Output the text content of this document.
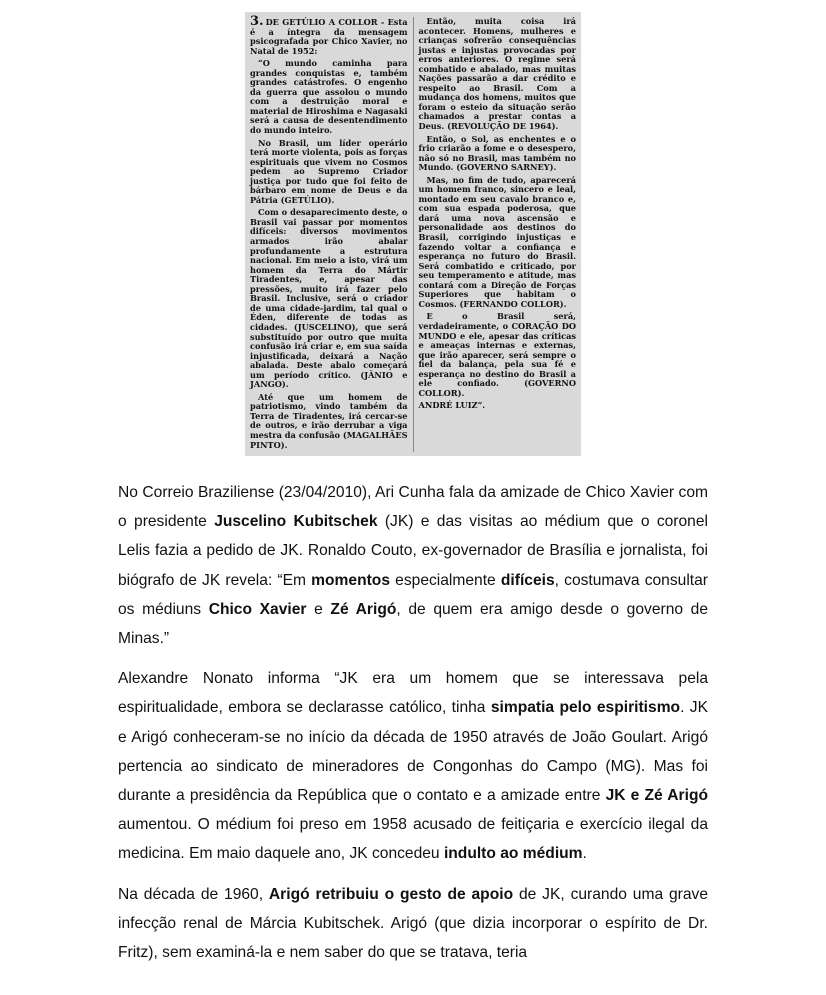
3. DE GETÚLIO A COLLOR - Esta é a íntegra da mensagem psicografada por Chico Xavier, no Natal de 1952:

“O mundo caminha para grandes conquistas e, também grandes catástrofes. O engenho da guerra que assolou o mundo com a destruição moral e material de Hiroshima e Nagasaki será a causa de desentendimento do mundo inteiro.

No Brasil, um líder operário terá morte violenta, pois as forças espirituais que vivem no Cosmos pedem ao Supremo Criador justiça por tudo que foi feito de bárbaro em nome de Deus e da Pátria (GETÚLIO).

Com o desaparecimento deste, o Brasil vai passar por momentos difíceis: diversos movimentos armados irão abalar profundamente a estrutura nacional. Em meio a isto, virá um homem da Terra do Mártir Tiradentes, e, apesar das pressões, muito irá fazer pelo Brasil. Inclusive, será o criador de uma cidade-jardim, tal qual o Éden, diferente de todas as cidades. (JUSCELINO), que será substituído por outro que muita confusão irá criar e, em sua saída injustificada, deixará a Nação abalada. Deste abalo começará um período crítico. (JÂNIO e JANGO).

Até que um homem de patriotismo, vindo também da Terra de Tiradentes, irá cercar-se de outros, e irão derrubar a viga mestra da confusão (MAGALHÃES PINTO).

Então, muita coisa irá acontecer. Homens, mulheres e crianças sofrerão consequências justas e injustas provocadas por erros anteriores. O regime será combatido e abalado, mas muitas Nações passarão a dar crédito e respeito ao Brasil. Com a mudança dos homens, muitos que foram o esteio da situação serão chamados a prestar contas a Deus. (REVOLUÇÃO DE 1964).

Então, o Sol, as enchentes e o frio criarão a fome e o desespero, não só no Brasil, mas também no Mundo. (GOVERNO SARNEY).

Mas, no fim de tudo, aparecerá um homem franco, sincero e leal, montado em seu cavalo branco e, com sua espada poderosa, que dará uma nova ascensão e personalidade aos destinos do Brasil, corrigindo injustiças e fazendo voltar a confiança e esperança no futuro do Brasil. Será combatido e criticado, por seu temperamento e atitude, mas contará com a Direção de Forças Superiores que habitam o Cosmos. (FERNANDO COLLOR).

E o Brasil será, verdadeiramente, o CORAÇÃO DO MUNDO e ele, apesar das críticas e ameaças internas e externas, que irão aparecer, será sempre o fiel da balança, pela sua fé e esperança no destino do Brasil a ele confiado. (GOVERNO COLLOR).

ANDRÉ LUIZ”.

No Correio Braziliense (23/04/2010), Ari Cunha fala da amizade de Chico Xavier com o presidente Juscelino Kubitschek (JK) e das visitas ao médium que o coronel Lelis fazia a pedido de JK. Ronaldo Couto, ex-governador de Brasília e jornalista, foi biógrafo de JK revela: “Em momentos especialmente difíceis, costumava consultar os médiuns Chico Xavier e Zé Arigó, de quem era amigo desde o governo de Minas.”

Alexandre Nonato informa “JK era um homem que se interessava pela espiritualidade, embora se declarasse católico, tinha simpatia pelo espiritismo. JK e Arigó conheceram-se no início da década de 1950 através de João Goulart. Arigó pertencia ao sindicato de mineradores de Congonhas do Campo (MG). Mas foi durante a presidência da República que o contato e a amizade entre JK e Zé Arigó aumentou. O médium foi preso em 1958 acusado de feitiçaria e exercício ilegal da medicina. Em maio daquele ano, JK concedeu indulto ao médium.

Na década de 1960, Arigó retribuiu o gesto de apoio de JK, curando uma grave infecção renal de Márcia Kubitschek. Arigó (que dizia incorporar o espírito de Dr. Fritz), sem examiná-la e nem saber do que se tratava, teria
